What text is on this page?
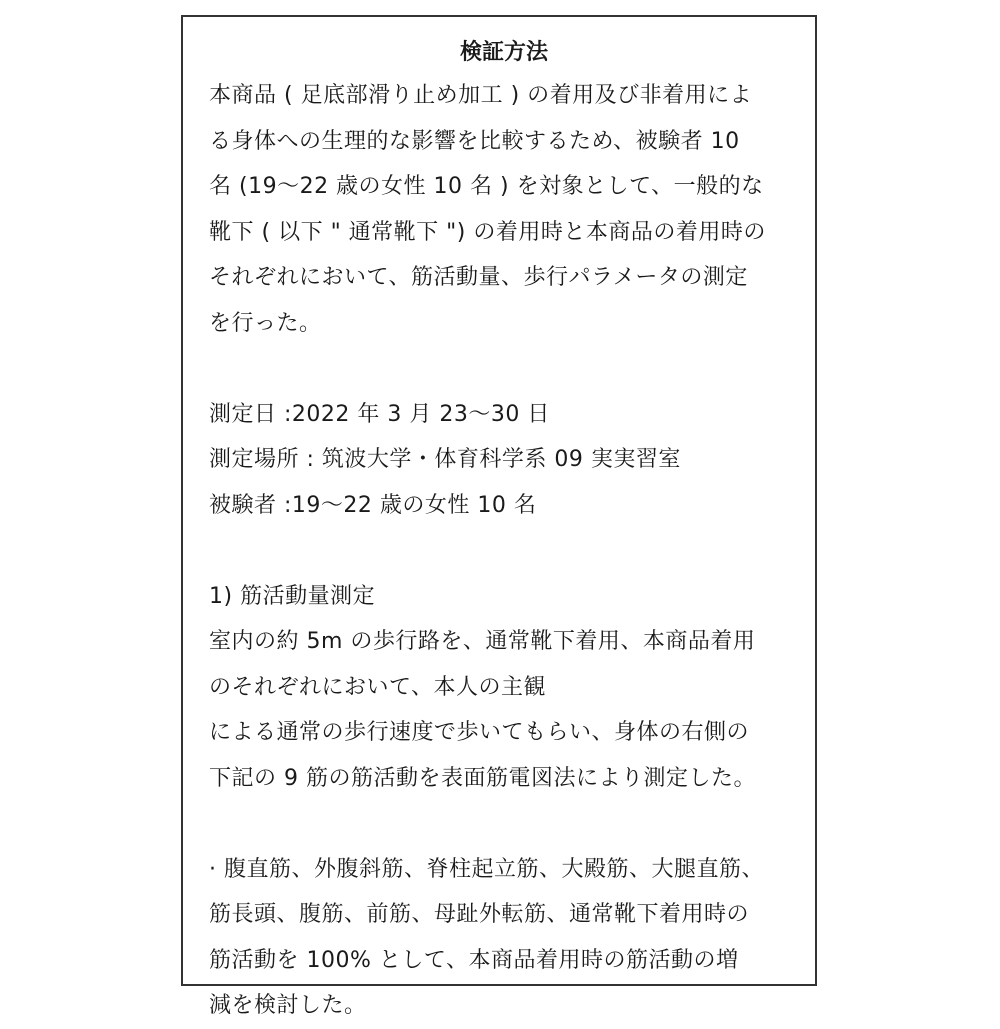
検証方法

本商品 ( 足底部滑り止め加工 ) の着用及び非着用によ

る身体への生理的な影響を比較するため、被験者 10

名 (19〜22 歳の女性 10 名 ) を対象として、一般的な

靴下 ( 以下 " 通常靴下 ") の着用時と本商品の着用時の

それぞれにおいて、筋活動量、歩行パラメータの測定

を行った。

測定日 :2022 年 3 月 23〜30 日

測定場所 : 筑波大学・体育科学系 09 実実習室

被験者 :19〜22 歳の女性 10 名

1) 筋活動量測定

室内の約 5m の歩行路を、通常靴下着用、本商品着用

のそれぞれにおいて、本人の主観

による通常の歩行速度で歩いてもらい、身体の右側の

下記の 9 筋の筋活動を表面筋電図法により測定した。

· 腹直筋、外腹斜筋、脊柱起立筋、大殿筋、大腿直筋、

筋長頭、腹筋、前筋、母趾外転筋、通常靴下着用時の

筋活動を 100% として、本商品着用時の筋活動の増

減を検討した。
